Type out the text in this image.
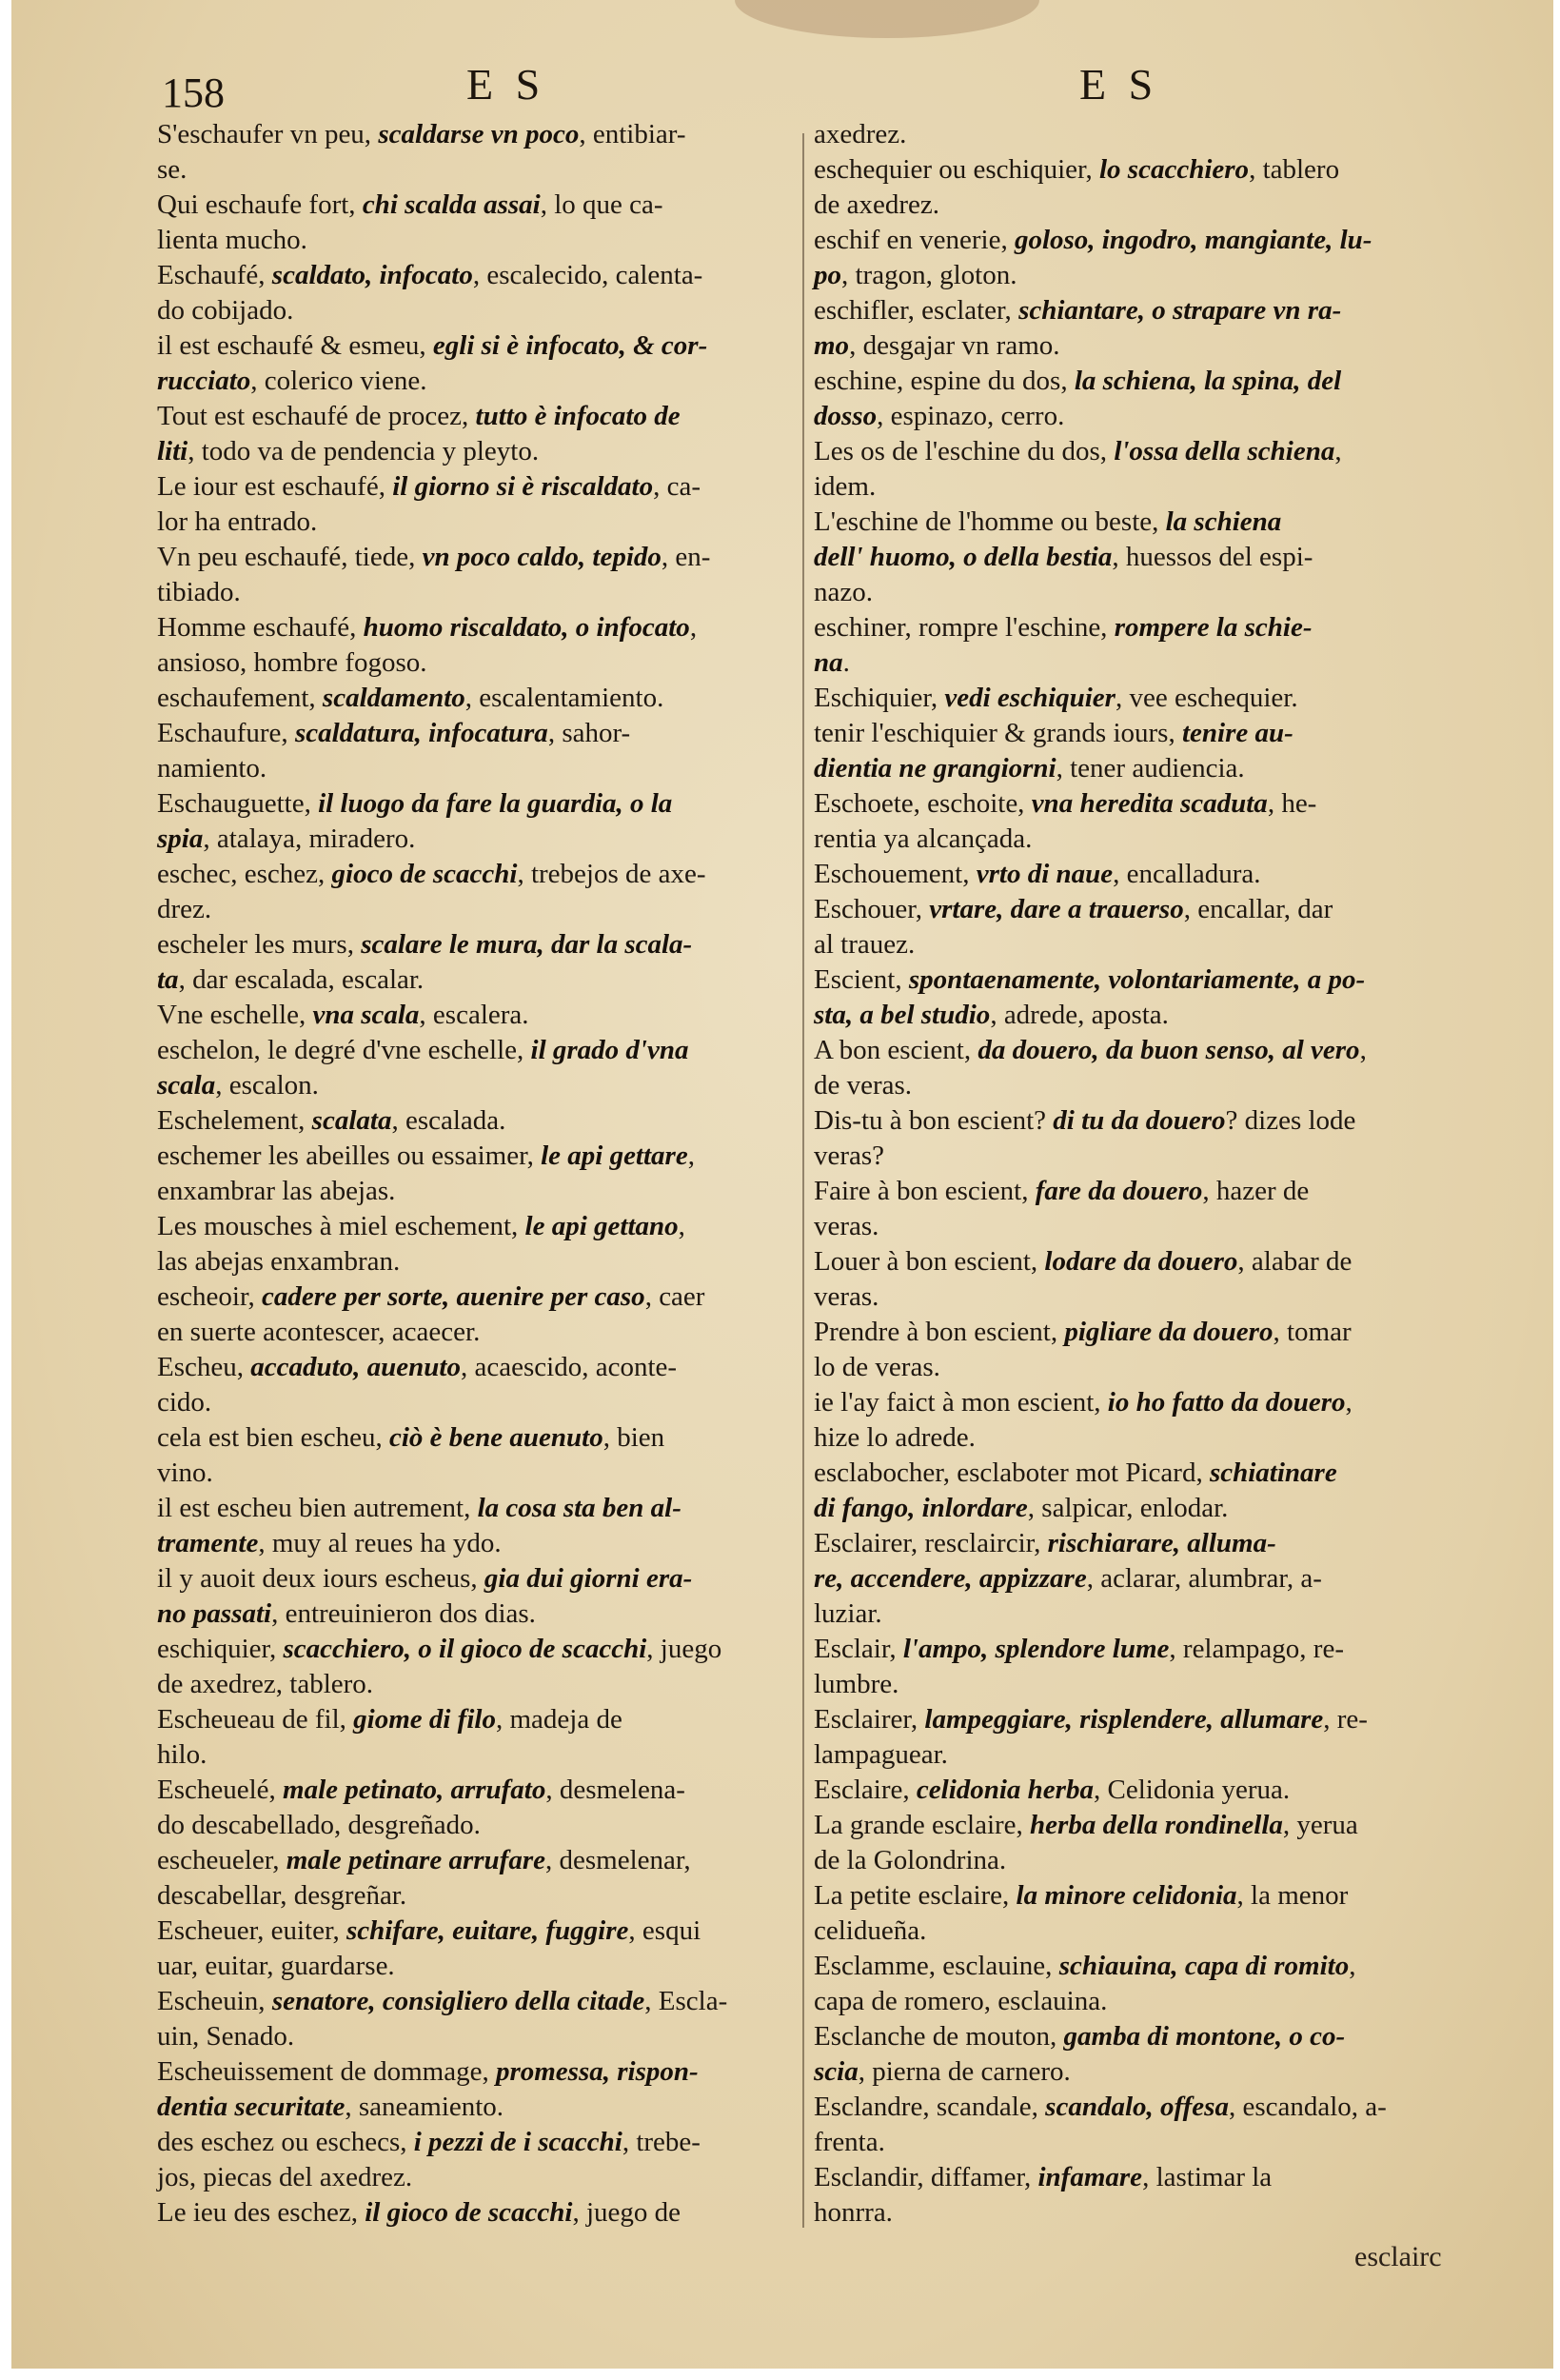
158	E S	E S
S'eschaufer vn peu, scaldarse vn poco, entibiar-
se.
Qui eschaufe fort, chi scalda assai, lo que ca-
lienta mucho.
Eschaufé, scaldato, infocato, escalecido, calenta-
do cobijado.
il est eschaufé & esmeu, egli si è infocato, & cor-
rucciato, colerico viene.
Tout est eschaufé de procez, tutto è infocato de
liti, todo va de pendencia y pleyto.
Le iour est eschaufé, il giorno si è riscaldato, ca-
lor ha entrado.
Vn peu eschaufé, tiede, vn poco caldo, tepido, en-
tibiado.
Homme eschaufé, huomo riscaldato, o infocato,
ansioso, hombre fogoso.
eschaufement, scaldamento, escalentamiento.
Eschaufure, scaldatura, infocatura, sahor-
namiento.
Eschauguette, il luogo da fare la guardia, o la
spia, atalaya, miradero.
eschec, eschez, gioco de scacchi, trebejos de axe-
drez.
escheler les murs, scalare le mura, dar la scala-
ta, dar escalada, escalar.
Vne eschelle, vna scala, escalera.
eschelon, le degré d'vne eschelle, il grado d'vna
scala, escalon.
Eschelement, scalata, escalada.
eschemer les abeilles ou essaimer, le api gettare,
enxambrar las abejas.
Les mousches à miel eschement, le api gettano,
las abejas enxambran.
escheoir, cadere per sorte, auenire per caso, caer
en suerte acontescer, acaecer.
Escheu, accaduto, auenuto, acaescido, aconte-
cido.
cela est bien escheu, ciò è bene auenuto, bien
vino.
il est escheu bien autrement, la cosa sta ben al-
tramente, muy al reues ha ydo.
il y auoit deux iours escheus, gia dui giorni era-
no passati, entreuinieron dos dias.
eschiquier, scacchiero, o il gioco de scacchi, juego
de axedrez, tablero.
Escheueau de fil, giome di filo, madeja de
hilo.
Escheuelé, male petinato, arrufato, desmelena-
do descabellado, desgreñado.
escheueler, male petinare arrufare, desmelenar,
descabellar, desgreñar.
Escheuer, euiter, schifare, euitare, fuggire, esqui
uar, euitar, guardarse.
Escheuin, senatore, consigliero della citade, Escla-
uin, Senado.
Escheuissement de dommage, promessa, rispon-
dentia securitate, saneamiento.
des eschez ou eschecs, i pezzi de i scacchi, trebe-
jos, piecas del axedrez.
Le ieu des eschez, il gioco de scacchi, juego de
axedrez.
eschequier ou eschiquier, lo scacchiero, tablero
de axedrez.
eschif en venerie, goloso, ingodro, mangiante, lu-
po, tragon, gloton.
eschifler, esclater, schiantare, o strapare vn ra-
mo, desgajar vn ramo.
eschine, espine du dos, la schiena, la spina, del
dosso, espinazo, cerro.
Les os de l'eschine du dos, l'ossa della schiena,
idem.
L'eschine de l'homme ou beste, la schiena
dell' huomo, o della bestia, huessos del espi-
nazo.
eschiner, rompre l'eschine, rompere la schie-
na.
Eschiquier, vedi eschiquier, vee eschequier.
tenir l'eschiquier & grands iours, tenire au-
dientia ne grangiorni, tener audiencia.
Eschoete, eschoite, vna heredita scaduta, he-
rentia ya alcançada.
Eschouement, vrto di naue, encalladura.
Eschouer, vrtare, dare a trauerso, encallar, dar
al trauez.
Escient, spontaenamente, volontariamente, a po-
sta, a bel studio, adrede, aposta.
A bon escient, da douero, da buon senso, al vero,
de veras.
Dis-tu à bon escient? di tu da douero? dizes lode
veras?
Faire à bon escient, fare da douero, hazer de
veras.
Louer à bon escient, lodare da douero, alabar de
veras.
Prendre à bon escient, pigliare da douero, tomar
lo de veras.
ie l'ay faict à mon escient, io ho fatto da douero,
hize lo adrede.
esclabocher, esclaboter mot Picard, schiatinare
di fango, inlordare, salpicar, enlodar.
Esclairer, resclaircir, rischiarare, alluma-
re, accendere, appizzare, aclarar, alumbrar, a-
luziar.
Esclair, l'ampo, splendore lume, relampago, re-
lumbre.
Esclairer, lampeggiare, risplendere, allumare, re-
lampaguear.
Esclaire, celidonia herba, Celidonia yerua.
La grande esclaire, herba della rondinella, yerua
de la Golondrina.
La petite esclaire, la minore celidonia, la menor
celidueña.
Esclamme, esclauine, schiauina, capa di romito,
capa de romero, esclauina.
Esclanche de mouton, gamba di montone, o co-
scia, pierna de carnero.
Esclandre, scandale, scandalo, offesa, escandalo, a-
frenta.
Esclandir, diffamer, infamare, lastimar la
honrra.
esclairc
